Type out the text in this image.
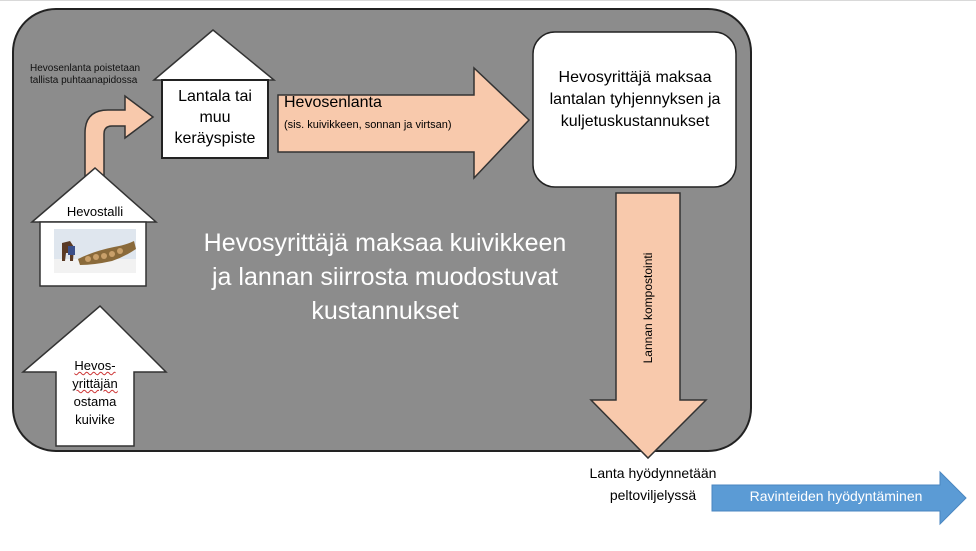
Hevosenlanta poistetaan tallista puhtaanapidossa
Lantala tai muu keräyspiste
Hevosenlanta
(sis. kuivikkeen, sonnan ja virtsan)
Hevosyrittäjä maksaa lantalan tyhjennyksen ja kuljetuskustannukset
Lannan kompostointi
Hevosyrittäjä maksaa kuivikkeen ja lannan siirrosta muodostuvat kustannukset
Hevostalli
Hevos-
yrittäjän
ostama
kuivike
Lanta hyödynnetään
peltoviljelyssä	Ravinteiden hyödyntäminen
